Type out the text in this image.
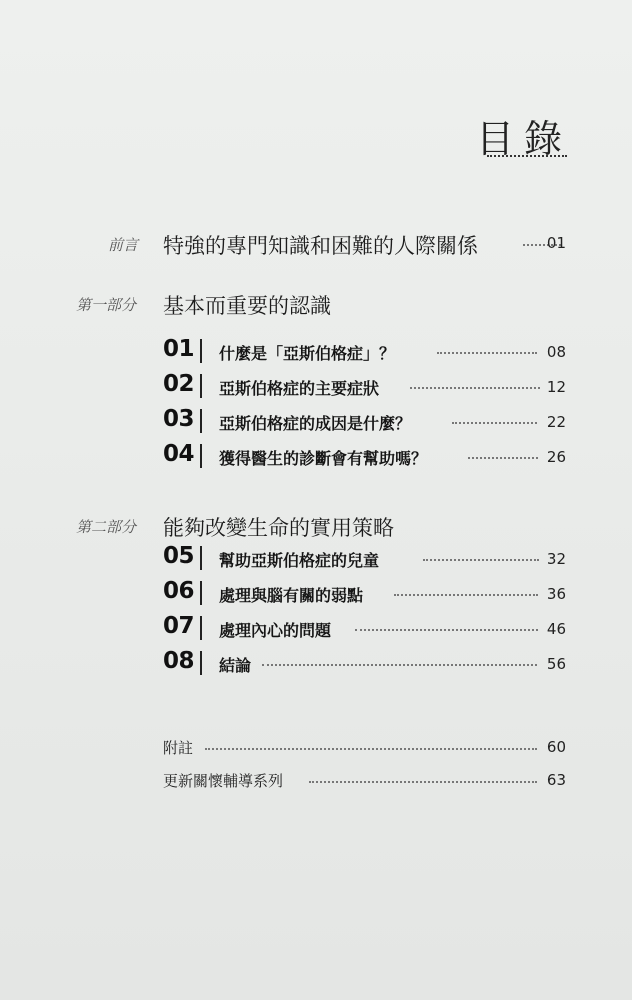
目錄
前言 特強的專門知識和困難的人際關係	01
第一部分 基本而重要的認識
01 什麼是「亞斯伯格症」？	08
02 亞斯伯格症的主要症狀	12
03 亞斯伯格症的成因是什麼？	22
04 獲得醫生的診斷會有幫助嗎？	26
第二部分 能夠改變生命的實用策略
05 幫助亞斯伯格症的兒童	32
06 處理與腦有關的弱點	36
07 處理內心的問題	46
08 結論	56
附註	60
更新關懷輔導系列	63
